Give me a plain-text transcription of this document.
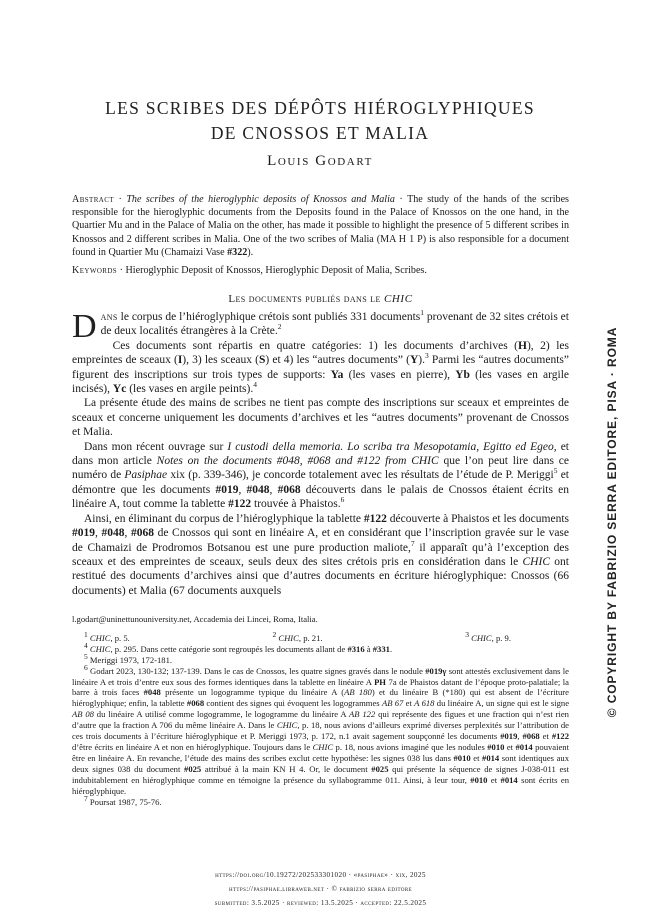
LES SCRIBES DES DÉPÔTS HIÉROGLYPHIQUES
DE CNOSSOS ET MALIA
Louis Godart
Abstract · The scribes of the hieroglyphic deposits of Knossos and Malia · The study of the hands of the scribes responsible for the hieroglyphic documents from the Deposits found in the Palace of Knossos on the one hand, in the Quartier Mu and in the Palace of Malia on the other, has made it possible to highlight the presence of 5 different scribes in Knossos and 2 different scribes in Malia. One of the two scribes of Malia (MA H 1 P) is also responsible for a document found in Quartier Mu (Chamaizi Vase #322).
Keywords · Hieroglyphic Deposit of Knossos, Hieroglyphic Deposit of Malia, Scribes.
Les documents publiés dans le CHIC

Dans le corpus de l’hiéroglyphique crétois sont publiés 331 documents$^1$ provenant de 32 sites crétois et de deux localités étrangères à la Crète.$^2$

Ces documents sont répartis en quatre catégories: 1) les documents d’archives (H), 2) les empreintes de sceaux (I), 3) les sceaux (S) et 4) les “autres documents” (Y).$^3$ Parmi les “autres documents” figurent des inscriptions sur trois types de supports: Ya (les vases en pierre), Yb (les vases en argile incisés), Yc (les vases en argile peints).$^4$

La présente étude des mains de scribes ne tient pas compte des inscriptions sur sceaux et empreintes de sceaux et concerne uniquement les documents d’archives et les “autres documents” provenant de Cnossos et Malia.

Dans mon récent ouvrage sur I custodi della memoria. Lo scriba tra Mesopotamia, Egitto ed Egeo, et dans mon article Notes on the documents #048, #068 and #122 from CHIC que l’on peut lire dans ce numéro de Pasiphae xix (p. 339-346), je concorde totalement avec les résultats de l’étude de P. Meriggi$^5$ et démontre que les documents #019, #048, #068 découverts dans le palais de Cnossos étaient écrits en linéaire A, tout comme la tablette #122 trouvée à Phaistos.$^6$

Ainsi, en éliminant du corpus de l’hiéroglyphique la tablette #122 découverte à Phaistos et les documents #019, #048, #068 de Cnossos qui sont en linéaire A, et en considérant que l’inscription gravée sur le vase de Chamaizi de Prodromos Botsanou est une pure production maliote,$^7$ il apparaît qu’à l’exception des sceaux et des empreintes de sceaux, seuls deux des sites crétois pris en considération dans le CHIC ont restitué des documents d’archives ainsi que d’autres documents en écriture hiéroglyphique: Cnossos (66 documents) et Malia (67 documents auxquels

l.godart@uninettunouniversity.net, Accademia dei Lincei, Roma, Italia.

1 CHIC, p. 5.	2 CHIC, p. 21.	3 CHIC, p. 9.

4 CHIC, p. 295. Dans cette catégorie sont regroupés les documents allant de #316 à #331.

5 Meriggi 1973, 172-181.

6 Godart 2023, 130-132; 137-139. Dans le cas de Cnossos, les quatre signes gravés dans le nodule #019γ sont attestés exclusivement dans le linéaire A et trois d’entre eux sous des formes identiques dans la tablette en linéaire A PH 7a de Phaistos datant de l’époque proto-palatiale; la barre à trois faces #048 présente un logogramme typique du linéaire A (AB 180) et du linéaire B (*180) qui est absent de l’écriture hiéroglyphique; enfin, la tablette #068 contient des signes qui évoquent les logogrammes AB 67 et A 618 du linéaire A, un signe qui est le signe AB 08 du linéaire A utilisé comme logogramme, le logogramme du linéaire A AB 122 qui représente des figues et une fraction qui n’est rien d’autre que la fraction A 706 du même linéaire A. Dans le CHIC, p. 18, nous avions d’ailleurs exprimé diverses perplexités sur l’attribution de ces trois documents à l’écriture hiéroglyphique et P. Meriggi 1973, p. 172, n.1 avait sagement soupçonné les documents #019, #068 et #122 d’être écrits en linéaire A et non en hiéroglyphique. Toujours dans le CHIC p. 18, nous avions imaginé que les nodules #010 et #014 pouvaient être en linéaire A. En revanche, l’étude des mains des scribes exclut cette hypothèse: les signes 038 lus dans #010 et #014 sont identiques aux deux signes 038 du document #025 attribué à la main KN H 4. Or, le document #025 qui présente la séquence de signes J-038-011 est indubitablement en hiéroglyphique comme en témoigne la présence du syllabogramme 011. Ainsi, à leur tour, #010 et #014 sont écrits en hiéroglyphique.

7 Poursat 1987, 75-76.

https://doi.org/10.19272/202533301020 · «pasiphae» · xix, 2025
https://pasiphae.libraweb.net · © fabrizio serra editore
submitted: 3.5.2025 · reviewed: 13.5.2025 · accepted: 22.5.2025
© COPYRIGHT BY FABRIZIO SERRA EDITORE, PISA · ROMA
